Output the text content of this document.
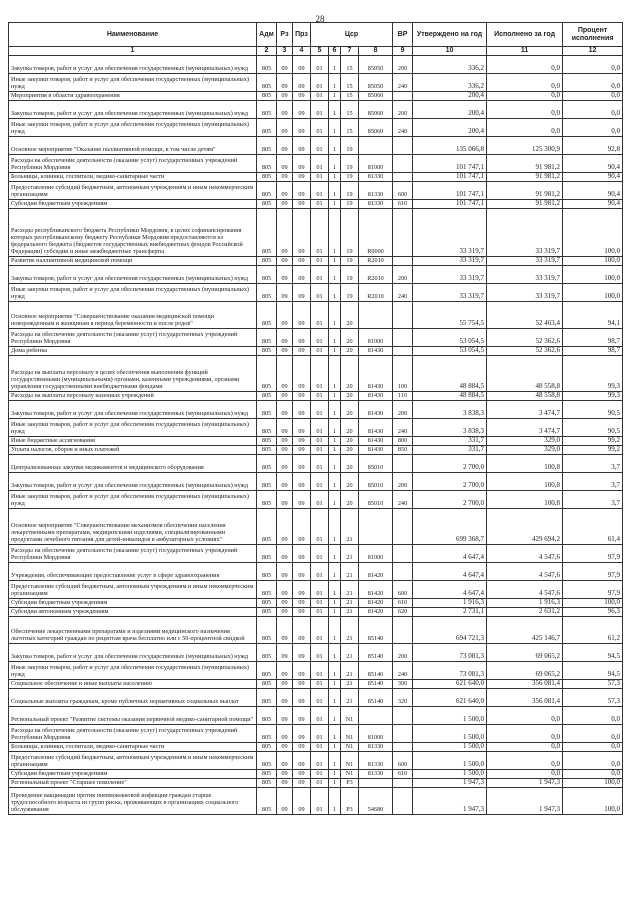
28
Наименование	Адм	Рз	Прз	Цср				ВР	Утверждено на год	Исполнено за год	Процент исполнения
1	2	3	4	5	6	7	8	9	10	11	12
Закупка товаров, работ и услуг для обеспечения государственных (муниципальных) нужд	805	09	09	01	1	15	85050	200	336,2	0,0	0,0
Иные закупки товаров, работ и услуг для обеспечения государственных (муниципальных) нужд	805	09	09	01	1	15	85050	240	336,2	0,0	0,0
Мероприятия в области здравоохранения	805	09	09	01	1	15	85060		200,4	0,0	0,0
Закупка товаров, работ и услуг для обеспечения государственных (муниципальных) нужд	805	09	09	01	1	15	85060	200	200,4	0,0	0,0
Иные закупки товаров, работ и услуг для обеспечения государственных (муниципальных) нужд	805	09	09	01	1	15	85060	240	200,4	0,0	0,0
Основное мероприятие "Оказание паллиативной помощи, в том числе детям"	805	09	09	01	1	19			135 066,8	125 300,9	92,8
Расходы на обеспечение деятельности (оказание услуг) государственных учреждений Республики Мордовия	805	09	09	01	1	19	81000		101 747,1	91 981,2	90,4
Больницы, клиники, госпитали, медико-санитарные части	805	09	09	01	1	19	81330		101 747,1	91 981,2	90,4
Предоставление субсидий бюджетным, автономным учреждениям и иным некоммерческим организациям	805	09	09	01	1	19	81330	600	101 747,1	91 981,2	90,4
Субсидии бюджетным учреждениям	805	09	09	01	1	19	81330	610	101 747,1	91 981,2	90,4
Расходы республиканского бюджета Республики Мордовия, в целях софинансирования которых республиканскому бюджету Республики Мордовия предоставляются из федерального бюджета (бюджетов государственных внебюджетных фондов Российской Федерации) субсидии и иные межбюджетные трансферты	805	09	09	01	1	19	R0000		33 319,7	33 319,7	100,0
Развитие паллиативной медицинской помощи	805	09	09	01	1	19	R2010		33 319,7	33 319,7	100,0
Закупка товаров, работ и услуг для обеспечения государственных (муниципальных) нужд	805	09	09	01	1	19	R2010	200	33 319,7	33 319,7	100,0
Иные закупки товаров, работ и услуг для обеспечения государственных (муниципальных) нужд	805	09	09	01	1	19	R2010	240	33 319,7	33 319,7	100,0
Основное мероприятие "Совершенствование оказания медицинской помощи новорожденным и женщинам в период беременности и после родов"	805	09	09	01	1	20			55 754,5	52 463,4	94,1
Расходы на обеспечение деятельности (оказание услуг) государственных учреждений Республики Мордовия	805	09	09	01	1	20	81000		53 054,5	52 362,6	98,7
Дома ребенка	805	09	09	01	1	20	81430		53 054,5	52 362,6	98,7
Расходы на выплаты персоналу в целях обеспечения выполнения функций государственными (муниципальными) органами, казенными учреждениями, органами управления государственными внебюджетными фондами	805	09	09	01	1	20	81430	100	48 884,5	48 558,8	99,3
Расходы на выплаты персоналу казенных учреждений	805	09	09	01	1	20	81430	110	48 884,5	48 558,8	99,3
Закупка товаров, работ и услуг для обеспечения государственных (муниципальных) нужд	805	09	09	01	1	20	81430	200	3 838,3	3 474,7	90,5
Иные закупки товаров, работ и услуг для обеспечения государственных (муниципальных) нужд	805	09	09	01	1	20	81430	240	3 838,3	3 474,7	90,5
Иные бюджетные ассигнования	805	09	09	01	1	20	81430	800	331,7	329,0	99,2
Уплата налогов, сборов и иных платежей	805	09	09	01	1	20	81430	850	331,7	329,0	99,2
Централизованные закупки медикаментов и медицинского оборудования	805	09	09	01	1	20	85010		2 700,0	100,8	3,7
Закупка товаров, работ и услуг для обеспечения государственных (муниципальных) нужд	805	09	09	01	1	20	85010	200	2 700,0	100,8	3,7
Иные закупки товаров, работ и услуг для обеспечения государственных (муниципальных) нужд	805	09	09	01	1	20	85010	240	2 700,0	100,8	3,7
Основное мероприятие "Совершенствование механизмов обеспечения населения лекарственными препаратами, медицинскими изделиями, специализированными продуктами лечебного питания для детей-инвалидов в амбулаторных условиях"	805	09	09	01	1	21			699 368,7	429 694,2	61,4
Расходы на обеспечение деятельности (оказание услуг) государственных учреждений Республики Мордовия	805	09	09	01	1	21	81000		4 647,4	4 547,6	97,9
Учреждения, обеспечивающие предоставление услуг в сфере здравоохранения	805	09	09	01	1	21	81420		4 647,4	4 547,6	97,9
Предоставление субсидий бюджетным, автономным учреждениям и иным некоммерческим организациям	805	09	09	01	1	21	81420	600	4 647,4	4 547,6	97,9
Субсидии бюджетным учреждениям	805	09	09	01	1	21	81420	610	1 916,3	1 916,3	100,0
Субсидии автономным учреждениям	805	09	09	01	1	21	81420	620	2 731,1	2 631,2	96,3
Обеспечение лекарственными препаратами и изделиями медицинского назначения льготных категорий граждан по рецептам врача бесплатно или с 50-процентной скидкой	805	09	09	01	1	21	85140		694 721,3	425 146,7	61,2
Закупка товаров, работ и услуг для обеспечения государственных (муниципальных) нужд	805	09	09	01	1	21	85140	200	73 081,3	69 065,2	94,5
Иные закупки товаров, работ и услуг для обеспечения государственных (муниципальных) нужд	805	09	09	01	1	21	85140	240	73 081,3	69 065,2	94,5
Социальное обеспечение и иные выплаты населению	805	09	09	01	1	21	85140	300	621 640,0	356 081,4	57,3
Социальные выплаты гражданам, кроме публичных нормативных социальных выплат	805	09	09	01	1	21	85140	320	621 640,0	356 081,4	57,3
Региональный проект "Развитие системы оказания первичной медико-санитарной помощи"	805	09	09	01	1	N1			1 500,0	0,0	0,0
Расходы на обеспечение деятельности (оказание услуг) государственных учреждений Республики Мордовия	805	09	09	01	1	N1	81000		1 500,0	0,0	0,0
Больницы, клиники, госпитали, медико-санитарные части	805	09	09	01	1	N1	81330		1 500,0	0,0	0,0
Предоставление субсидий бюджетным, автономным учреждениям и иным некоммерческим организациям	805	09	09	01	1	N1	81330	600	1 500,0	0,0	0,0
Субсидии бюджетным учреждениям	805	09	09	01	1	N1	81330	610	1 500,0	0,0	0,0
Региональный проект "Старшее поколение"	805	09	09	01	1	P3			1 947,3	1 947,3	100,0
Проведение вакцинации против пневмококковой инфекции граждан старше трудоспособного возраста из групп риска, проживающих в организациях социального обслуживания	805	09	09	01	1	P3	54680		1 947,3	1 947,3	100,0
